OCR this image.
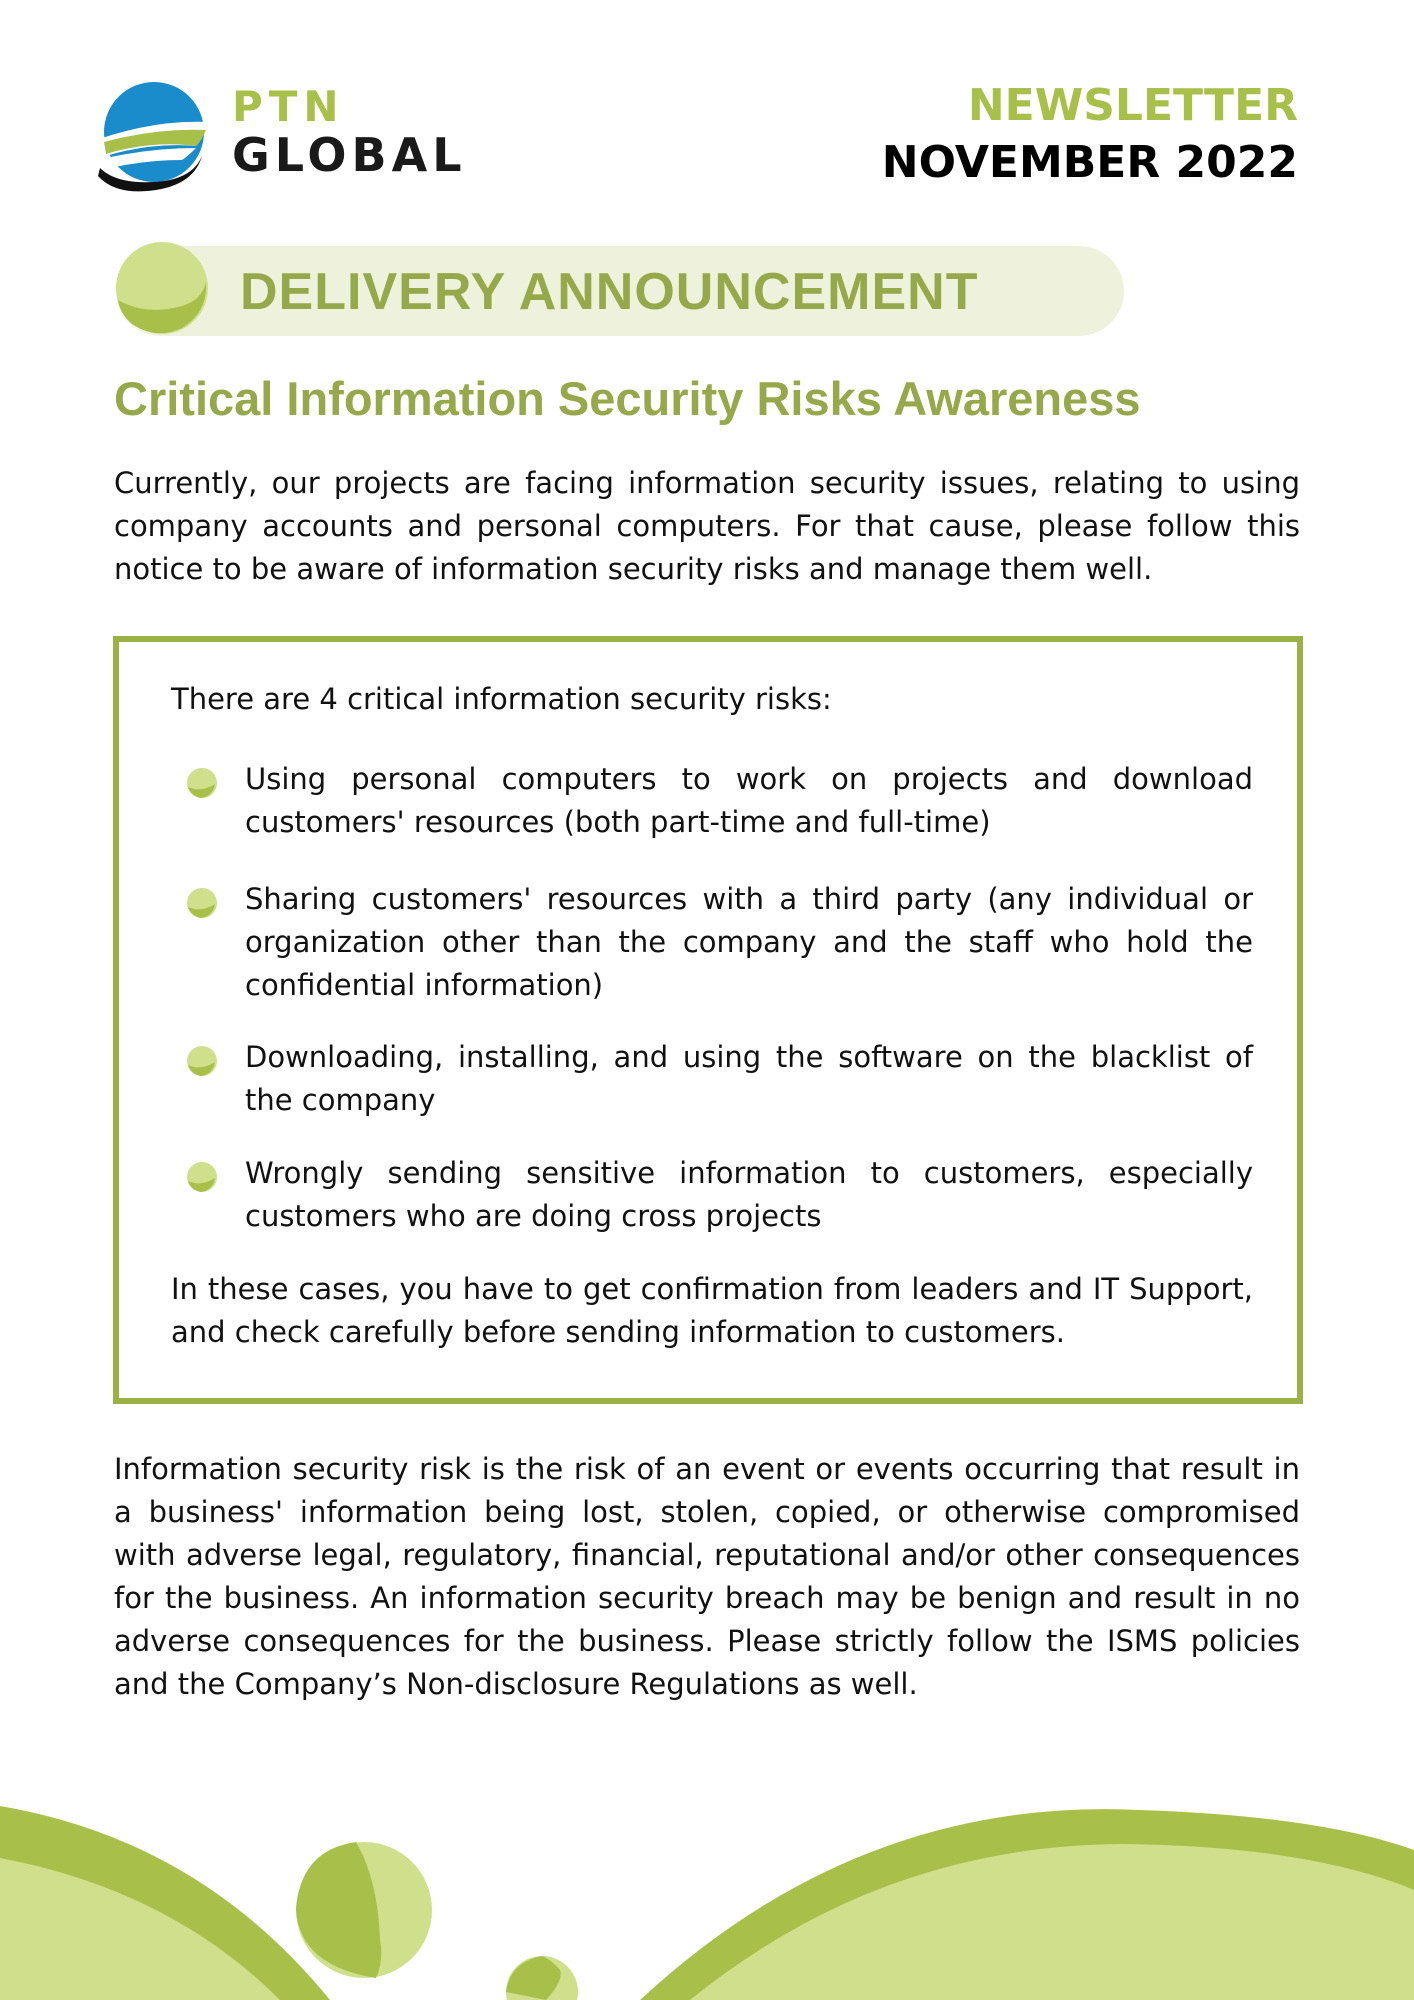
PTN
GLOBAL
NEWSLETTER
NOVEMBER 2022
DELIVERY ANNOUNCEMENT
Critical Information Security Risks Awareness
Currently, our projects are facing information security issues, relating to using company accounts and personal computers. For that cause, please follow this notice to be aware of information security risks and manage them well.
There are 4 critical information security risks:
Using personal computers to work on projects and download customers' resources (both part-time and full-time)
Sharing customers' resources with a third party (any individual or organization other than the company and the staff who hold the confidential information)
Downloading, installing, and using the software on the blacklist of the company
Wrongly sending sensitive information to customers, especially customers who are doing cross projects
In these cases, you have to get confirmation from leaders and IT Support, and check carefully before sending information to customers.
Information security risk is the risk of an event or events occurring that result in a business' information being lost, stolen, copied, or otherwise compromised with adverse legal, regulatory, financial, reputational and/or other consequences for the business. An information security breach may be benign and result in no adverse consequences for the business. Please strictly follow the ISMS policies and the Company’s Non-disclosure Regulations as well.
